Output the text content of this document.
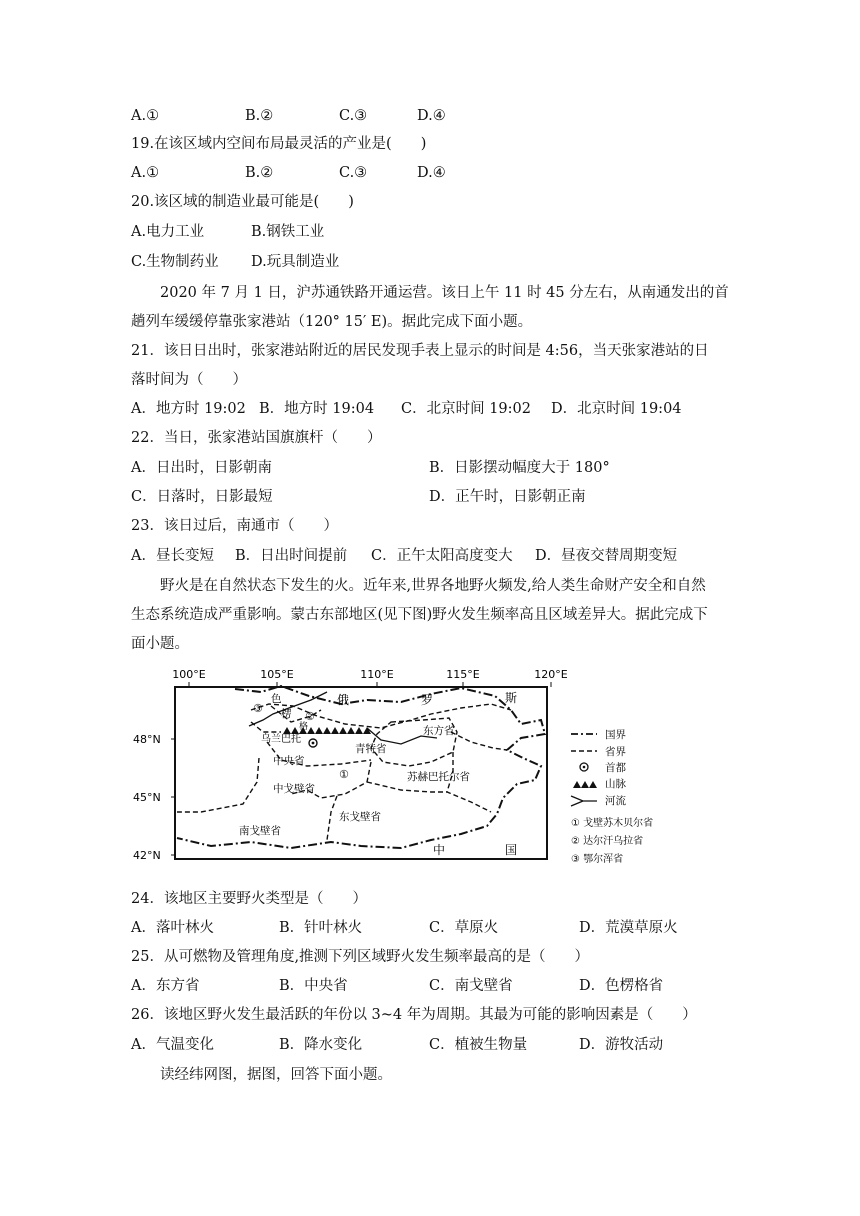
A.①	B.②	C.③	D.④
19.在该区域内空间布局最灵活的产业是(　　)
A.①	B.②	C.③	D.④
20.该区域的制造业最可能是(　　)
A.电力工业	B.钢铁工业
C.生物制药业 D.玩具制造业
2020 年 7 月 1 日，沪苏通铁路开通运营。该日上午 11 时 45 分左右，从南通发出的首
趟列车缓缓停靠张家港站（120° 15′ E)。据此完成下面小题。
21．该日日出时，张家港站附近的居民发现手表上显示的时间是 4:56，当天张家港站的日
落时间为（　　）
A．地方时 19:02 B．地方时 19:04 C．北京时间 19:02 D．北京时间 19:04
22．当日，张家港站国旗旗杆（　　）
A．日出时，日影朝南	B．日影摆动幅度大于 180°
C．日落时，日影最短	D．正午时，日影朝正南
23．该日过后，南通市（　　）
A．昼长变短 B．日出时间提前 C．正午太阳高度变大 D．昼夜交替周期变短
野火是在自然状态下发生的火。近年来,世界各地野火频发,给人类生命财产安全和自然
生态系统造成严重影响。蒙古东部地区(见下图)野火发生频率高且区域差异大。据此完成下
面小题。
100°E	105°E	110°E	115°E	120°E
48°N
45°N
42°N
俄	罗	斯
中	国
色
楞
格
乌兰巴托
中央省
青特省
东方省
苏赫巴托尔省
中戈壁省
东戈壁省
南戈壁省
①
②
③
国界
省界
首都
山脉
河流
① 戈壁苏木贝尔省
② 达尔汗乌拉省
③ 鄂尔浑省
24．该地区主要野火类型是（　　）
A．落叶林火	B．针叶林火	C．草原火	D．荒漠草原火
25．从可燃物及管理角度,推测下列区域野火发生频率最高的是（　　）
A．东方省	B．中央省	C．南戈壁省	D．色楞格省
26．该地区野火发生最活跃的年份以 3~4 年为周期。其最为可能的影响因素是（　　）
A．气温变化	B．降水变化	C．植被生物量	D．游牧活动
读经纬网图，据图，回答下面小题。
